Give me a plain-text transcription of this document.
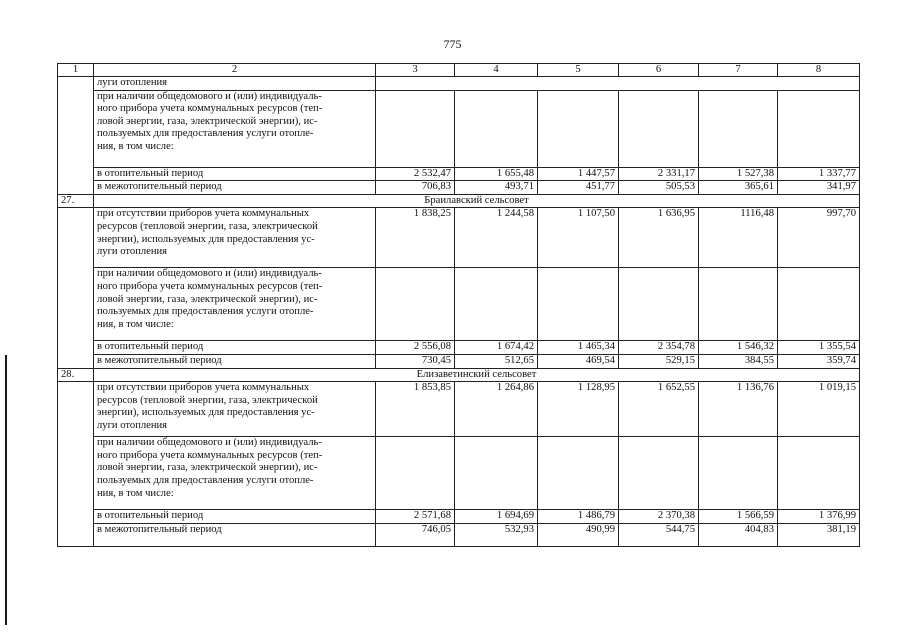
775
1	2	3	4	5	6	7	8
	луги отопления						

	при наличии общедомового и (или) индивидуаль-
ного прибора учета коммунальных ресурсов (теп-
ловой энергии, газа, электрической энергии), ис-
пользуемых для предоставления услуги отопле-
ния, в том числе:						

	в отопительный период	2 532,47	1 655,48	1 447,57	2 331,17	1 527,38	1 337,77
	в межотопительный период	706,83	493,71	451,77	505,53	365,61	341,97
27.	Браилавский сельсовет						

	при отсутствии приборов учета коммунальных
ресурсов (тепловой энергии, газа, электрической
энергии), используемых для предоставления ус-
луги отопления	1 838,25	1 244,58	1 107,50	1 636,95	1116,48	997,70

	при наличии общедомового и (или) индивидуаль-
ного прибора учета коммунальных ресурсов (теп-
ловой энергии, газа, электрической энергии), ис-
пользуемых для предоставления услуги отопле-
ния, в том числе:						

	в отопительный период	2 556,08	1 674,42	1 465,34	2 354,78	1 546,32	1 355,54
	в межотопительный период	730,45	512,65	469,54	529,15	384,55	359,74
28.	Елизаветинский сельсовет						

	при отсутствии приборов учета коммунальных
ресурсов (тепловой энергии, газа, электрической
энергии), используемых для предоставления ус-
луги отопления	1 853,85	1 264,86	1 128,95	1 652,55	1 136,76	1 019,15

	при наличии общедомового и (или) индивидуаль-
ного прибора учета коммунальных ресурсов (теп-
ловой энергии, газа, электрической энергии), ис-
пользуемых для предоставления услуги отопле-
ния, в том числе:						

	в отопительный период	2 571,68	1 694,69	1 486,79	2 370,38	1 566,59	1 376,99
	в межотопительный период	746,05	532,93	490,99	544,75	404,83	381,19
